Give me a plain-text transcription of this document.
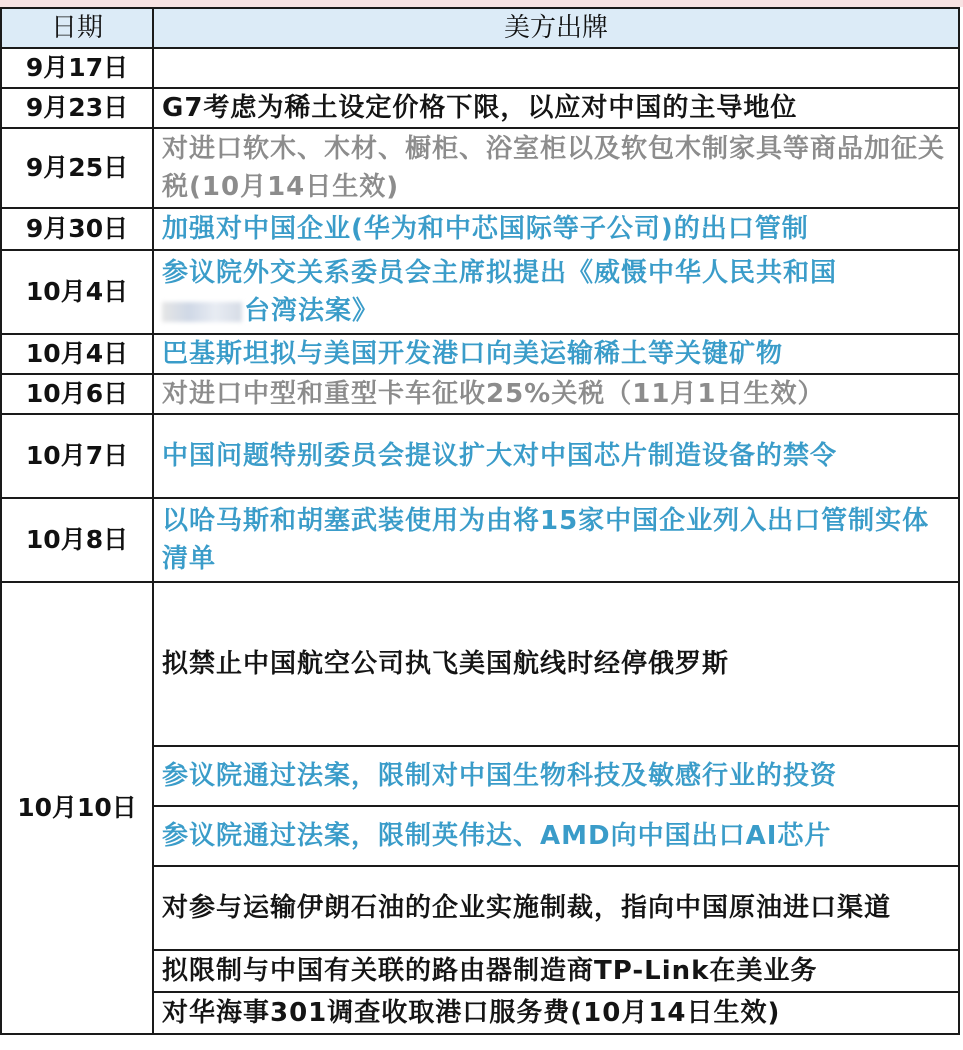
日期	美方出牌
9月17日	
9月23日	G7考虑为稀土设定价格下限，以应对中国的主导地位
9月25日	对进口软木、木材、橱柜、浴室柜以及软包木制家具等商品加征关税(10月14日生效)
9月30日	加强对中国企业(华为和中芯国际等子公司)的出口管制
10月4日	参议院外交关系委员会主席拟提出《威慑中华人民共和国
台湾法案》
10月4日	巴基斯坦拟与美国开发港口向美运输稀土等关键矿物
10月6日	对进口中型和重型卡车征收25%关税（11月1日生效）
10月7日	中国问题特别委员会提议扩大对中国芯片制造设备的禁令
10月8日	以哈马斯和胡塞武装使用为由将15家中国企业列入出口管制实体清单
10月10日	拟禁止中国航空公司执飞美国航线时经停俄罗斯
	参议院通过法案，限制对中国生物科技及敏感行业的投资
	参议院通过法案，限制英伟达、AMD向中国出口AI芯片
	对参与运输伊朗石油的企业实施制裁，指向中国原油进口渠道
	拟限制与中国有关联的路由器制造商TP-Link在美业务
	对华海事301调查收取港口服务费(10月14日生效)
